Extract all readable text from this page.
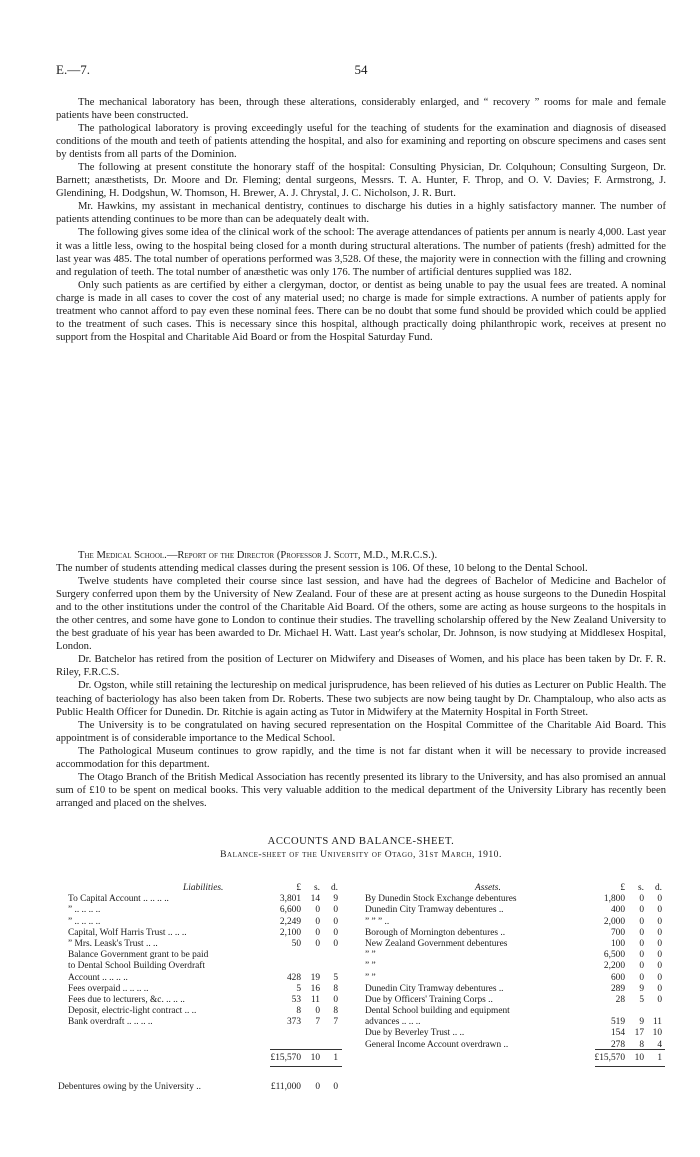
E.—7.	54

The mechanical laboratory has been, through these alterations, considerably enlarged, and “ recovery ” rooms for male and female patients have been constructed.

The pathological laboratory is proving exceedingly useful for the teaching of students for the examination and diagnosis of diseased conditions of the mouth and teeth of patients attending the hospital, and also for examining and reporting on obscure specimens and cases sent by dentists from all parts of the Dominion.

The following at present constitute the honorary staff of the hospital: Consulting Physician, Dr. Colquhoun; Consulting Surgeon, Dr. Barnett; anæsthetists, Dr. Moore and Dr. Fleming; dental surgeons, Messrs. T. A. Hunter, F. Throp, and O. V. Davies; F. Armstrong, J. Glendining, H. Dodgshun, W. Thomson, H. Brewer, A. J. Chrystal, J. C. Nicholson, J. R. Burt.

Mr. Hawkins, my assistant in mechanical dentistry, continues to discharge his duties in a highly satisfactory manner. The number of patients attending continues to be more than can be adequately dealt with.

The following gives some idea of the clinical work of the school: The average attendances of patients per annum is nearly 4,000. Last year it was a little less, owing to the hospital being closed for a month during structural alterations. The number of patients (fresh) admitted for the last year was 485. The total number of operations performed was 3,528. Of these, the majority were in connection with the filling and crowning and regulation of teeth. The total number of anæsthetic was only 176. The number of artificial dentures supplied was 182.

Only such patients as are certified by either a clergyman, doctor, or dentist as being unable to pay the usual fees are treated. A nominal charge is made in all cases to cover the cost of any material used; no charge is made for simple extractions. A number of patients apply for treatment who cannot afford to pay even these nominal fees. There can be no doubt that some fund should be provided which could be applied to the treatment of such cases. This is necessary since this hospital, although practically doing philanthropic work, receives at present no support from the Hospital and Charitable Aid Board or from the Hospital Saturday Fund.

The Medical School.—Report of the Director (Professor J. Scott, M.D., M.R.C.S.).

The number of students attending medical classes during the present session is 106. Of these, 10 belong to the Dental School.

Twelve students have completed their course since last session, and have had the degrees of Bachelor of Medicine and Bachelor of Surgery conferred upon them by the University of New Zealand. Four of these are at present acting as house surgeons to the Dunedin Hospital and to the other institutions under the control of the Charitable Aid Board. Of the others, some are acting as house surgeons to the hospitals in the other centres, and some have gone to London to continue their studies. The travelling scholarship offered by the New Zealand University to the best graduate of his year has been awarded to Dr. Michael H. Watt. Last year's scholar, Dr. Johnson, is now studying at Middlesex Hospital, London.

Dr. Batchelor has retired from the position of Lecturer on Midwifery and Diseases of Women, and his place has been taken by Dr. F. R. Riley, F.R.C.S.

Dr. Ogston, while still retaining the lectureship on medical jurisprudence, has been relieved of his duties as Lecturer on Public Health. The teaching of bacteriology has also been taken from Dr. Roberts. These two subjects are now being taught by Dr. Champtaloup, who also acts as Public Health Officer for Dunedin. Dr. Ritchie is again acting as Tutor in Midwifery at the Maternity Hospital in Forth Street.

The University is to be congratulated on having secured representation on the Hospital Committee of the Charitable Aid Board. This appointment is of considerable importance to the Medical School.

The Pathological Museum continues to grow rapidly, and the time is not far distant when it will be necessary to provide increased accommodation for this department.

The Otago Branch of the British Medical Association has recently presented its library to the University, and has also promised an annual sum of £10 to be spent on medical books. This very valuable addition to the medical department of the University Library has recently been arranged and placed on the shelves.

ACCOUNTS AND BALANCE-SHEET.
Balance-sheet of the University of Otago, 31st March, 1910.
Liabilities.	£	s.	d.
To Capital Account .. .. .. ..	3,801	14	9
” .. .. .. ..	6,600	0	0
” .. .. .. ..	2,249	0	0
Capital, Wolf Harris Trust .. .. ..	2,100	0	0
” Mrs. Leask's Trust .. ..	50	0	0
Balance Government grant to be paid
to Dental School Building Overdraft
Account .. .. .. ..	428	19	5
Fees overpaid .. .. .. ..	5	16	8
Fees due to lecturers, &c. .. .. ..	53	11	0
Deposit, electric-light contract .. ..	8	0	8
Bank overdraft .. .. .. ..	373	7	7
Assets.	£	s.	d.
By Dunedin Stock Exchange debentures	1,800	0	0
Dunedin City Tramway debentures ..	400	0	0
” ” ” ..	2,000	0	0
Borough of Mornington debentures ..	700	0	0
New Zealand Government debentures	100	0	0
” ”	6,500	0	0
” ”	2,200	0	0
” ”	600	0	0
Dunedin City Tramway debentures ..	289	9	0
Due by Officers' Training Corps ..	28	5	0
Dental School building and equipment
advances .. .. ..	519	9 11
Due by Beverley Trust .. ..	154	17 10
General Income Account overdrawn ..	278	8	4
£15,570	10	1	£15,570	10	1
Debentures owing by the University ..	£11,000	0	0
